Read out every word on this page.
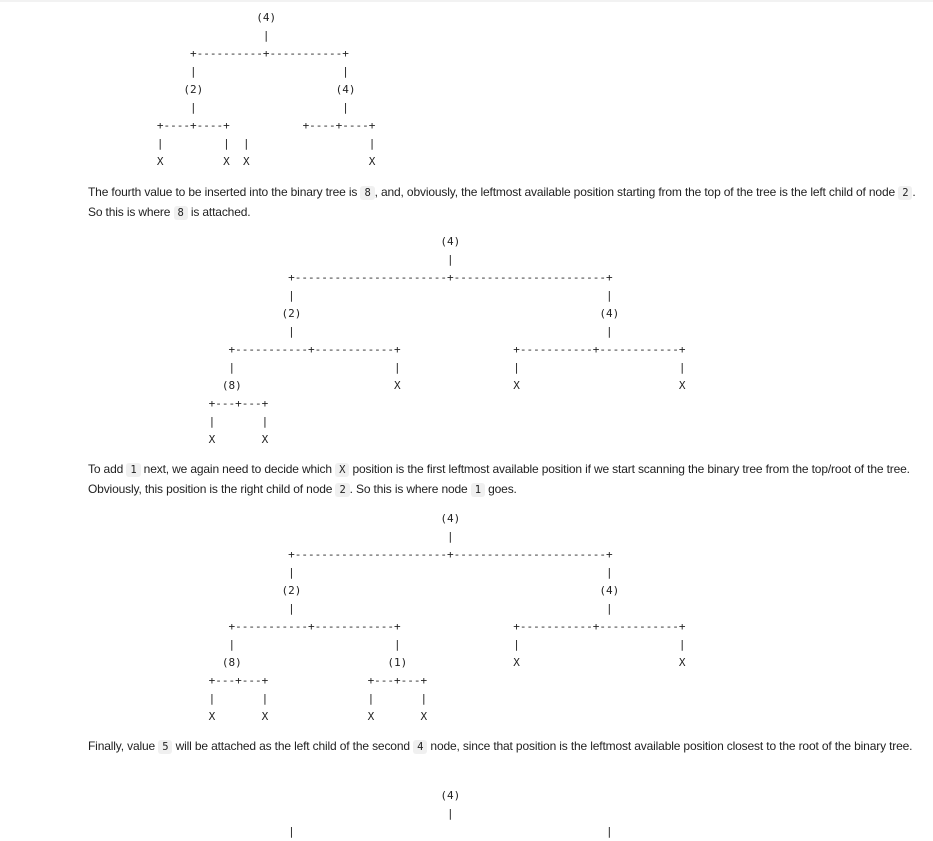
(4)
|
+----------+-----------+
|                      |
(2)                    (4)
|                      |
+----+----+           +----+----+
|         |  |                  |
X         X  X                  X

The fourth value to be inserted into the binary tree is 8 , and, obviously, the leftmost available position starting from the top of the tree is the left child of node 2 . So this is where 8 is attached.

(4)
|
+-----------------------+-----------------------+
|                                               |
(2)                                             (4)
|                                               |
+-----------+------------+                 +-----------+------------+
|                        |                 |                        |
(8)                       X                 X                        X
+---+---+
|       |
X       X

To add 1 next, we again need to decide which X position is the first leftmost available position if we start scanning the binary tree from the top/root of the tree. Obviously, this position is the right child of node 2 . So this is where node 1 goes.

(4)
|
+-----------------------+-----------------------+
|                                               |
(2)                                             (4)
|                                               |
+-----------+------------+                 +-----------+------------+
|                        |                 |                        |
(8)                      (1)                X                        X
+---+---+               +---+---+
|       |               |       |
X       X               X       X

Finally, value 5 will be attached as the left child of the second 4 node, since that position is the leftmost available position closest to the root of the binary tree.

(4)
|
|                                               |
